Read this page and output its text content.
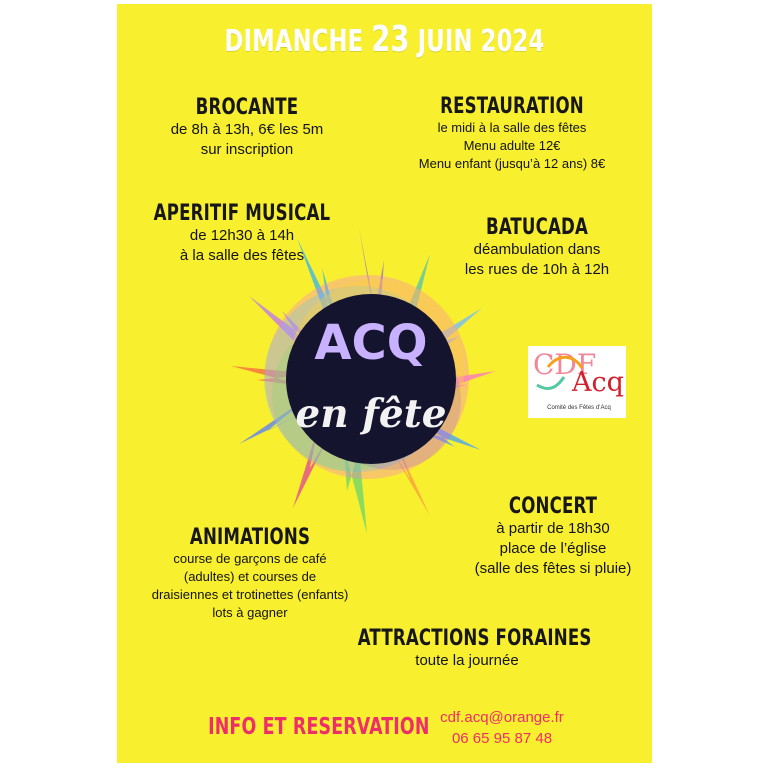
DIMANCHE 23 JUIN 2024
BROCANTE
de 8h à 13h, 6€ les 5m
sur inscription
RESTAURATION
le midi à la salle des fêtes
Menu adulte 12€
Menu enfant (jusqu’à 12 ans) 8€
APERITIF MUSICAL
de 12h30 à 14h
à la salle des fêtes
BATUCADA
déambulation dans
les rues de 10h à 12h
ACQ
en fête
CDF
Acq
Comité des Fêtes d’Acq
ANIMATIONS
course de garçons de café
(adultes) et courses de
draisiennes et trotinettes (enfants)
lots à gagner
CONCERT
à partir de 18h30
place de l’église
(salle des fêtes si pluie)
ATTRACTIONS FORAINES
toute la journée
INFO ET RESERVATION cdf.acq@orange.fr
06 65 95 87 48
